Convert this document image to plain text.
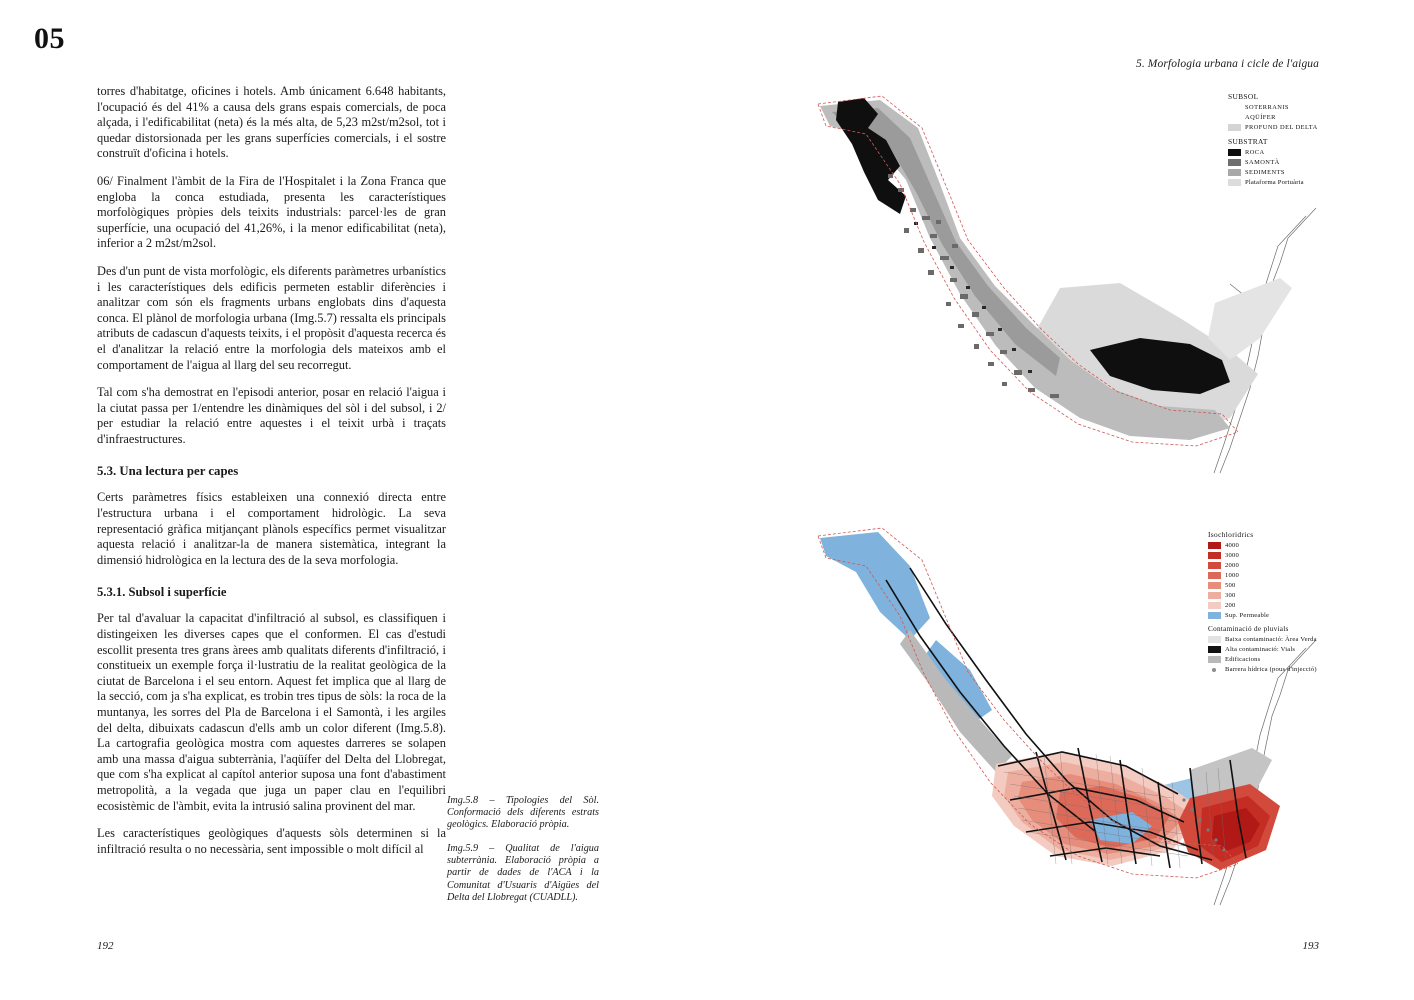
05
5. Morfologia urbana i cicle de l'aigua

torres d'habitatge, oficines i hotels. Amb únicament 6.648 habitants, l'ocupació és del 41% a causa dels grans espais comercials, de poca alçada, i l'edificabilitat (neta) és la més alta, de 5,23 m2st/m2sol, tot i quedar distorsionada per les grans superfícies comercials, i el sostre construït d'oficina i hotels.

06/ Finalment l'àmbit de la Fira de l'Hospitalet i la Zona Franca que engloba la conca estudiada, presenta les característiques morfològiques pròpies dels teixits industrials: parcel·les de gran superfície, una ocupació del 41,26%, i la menor edificabilitat (neta), inferior a 2 m2st/m2sol.

Des d'un punt de vista morfològic, els diferents paràmetres urbanístics i les característiques dels edificis permeten establir diferències i analitzar com són els fragments urbans englobats dins d'aquesta conca. El plànol de morfologia urbana (Img.5.7) ressalta els principals atributs de cadascun d'aquests teixits, i el propòsit d'aquesta recerca és el d'analitzar la relació entre la morfologia dels mateixos amb el comportament de l'aigua al llarg del seu recorregut.

Tal com s'ha demostrat en l'episodi anterior, posar en relació l'aigua i la ciutat passa per 1/entendre les dinàmiques del sòl i del subsol, i 2/ per estudiar la relació entre aquestes i el teixit urbà i traçats d'infraestructures.

5.3. Una lectura per capes

Certs paràmetres físics estableixen una connexió directa entre l'estructura urbana i el comportament hidrològic. La seva representació gràfica mitjançant plànols específics permet visualitzar aquesta relació i analitzar-la de manera sistemàtica, integrant la dimensió hidrològica en la lectura des de la seva morfologia.

5.3.1. Subsol i superfície

Per tal d'avaluar la capacitat d'infiltració al subsol, es classifiquen i distingeixen les diverses capes que el conformen. El cas d'estudi escollit presenta tres grans àrees amb qualitats diferents d'infiltració, i constitueix un exemple força il·lustratiu de la realitat geològica de la ciutat de Barcelona i el seu entorn. Aquest fet implica que al llarg de la secció, com ja s'ha explicat, es trobin tres tipus de sòls: la roca de la muntanya, les sorres del Pla de Barcelona i el Samontà, i les argiles del delta, dibuixats cadascun d'ells amb un color diferent (Img.5.8). La cartografia geològica mostra com aquestes darreres se solapen amb una massa d'aigua subterrània, l'aqüífer del Delta del Llobregat, que com s'ha explicat al capítol anterior suposa una font d'abastiment metropolità, a la vegada que juga un paper clau en l'equilibri ecosistèmic de l'àmbit, evita la intrusió salina provinent del mar.

Les característiques geològiques d'aquests sòls determinen si la infiltració resulta o no necessària, sent impossible o molt difícil al

Img.5.8 – Tipologies del Sòl. Conformació dels diferents estrats geològics. Elaboració pròpia.

Img.5.9 – Qualitat de l'aigua subterrània. Elaboració pròpia a partir de dades de l'ACA i la Comunitat d'Usuaris d'Aigües del Delta del Llobregat (CUADLL).

192	193
SUBSOL
SOTERRANIS
AQÜÍFER
PROFUND DEL DELTA
SUBSTRAT
ROCA
SAMONTÀ
SEDIMENTS
Plataforma Portuària
Isochloridrics
4000
3000
2000
1000
500
300
200
Sup. Permeable
Contaminació de pluvials
Baixa contaminació: Àrea Verda
Alta contaminació: Vials
Edificacions
Barrera hídrica (pous d'injecció)
